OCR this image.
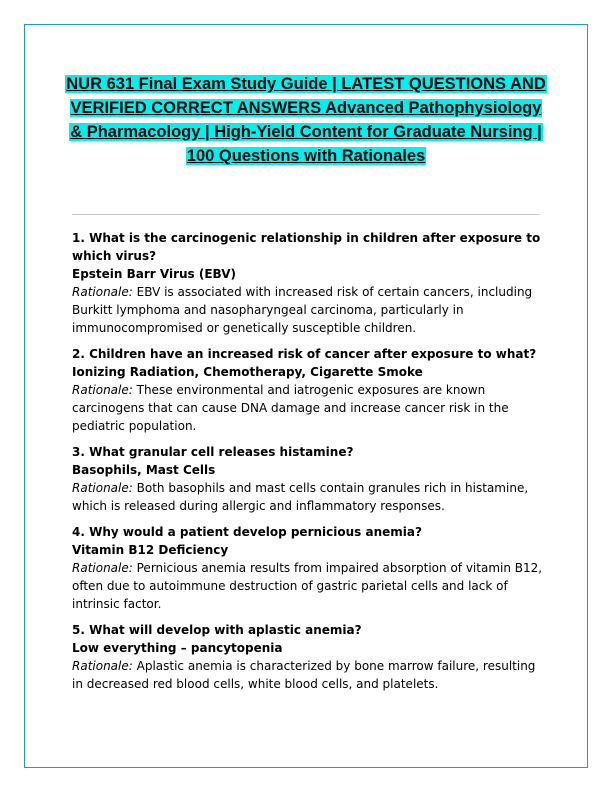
NUR 631 Final Exam Study Guide | LATEST QUESTIONS AND VERIFIED CORRECT ANSWERS Advanced Pathophysiology & Pharmacology | High-Yield Content for Graduate Nursing | 100 Questions with Rationales
1. What is the carcinogenic relationship in children after exposure to which virus?
Epstein Barr Virus (EBV)
Rationale: EBV is associated with increased risk of certain cancers, including Burkitt lymphoma and nasopharyngeal carcinoma, particularly in immunocompromised or genetically susceptible children.
2. Children have an increased risk of cancer after exposure to what?
Ionizing Radiation, Chemotherapy, Cigarette Smoke
Rationale: These environmental and iatrogenic exposures are known carcinogens that can cause DNA damage and increase cancer risk in the pediatric population.
3. What granular cell releases histamine?
Basophils, Mast Cells
Rationale: Both basophils and mast cells contain granules rich in histamine, which is released during allergic and inflammatory responses.
4. Why would a patient develop pernicious anemia?
Vitamin B12 Deficiency
Rationale: Pernicious anemia results from impaired absorption of vitamin B12, often due to autoimmune destruction of gastric parietal cells and lack of intrinsic factor.
5. What will develop with aplastic anemia?
Low everything – pancytopenia
Rationale: Aplastic anemia is characterized by bone marrow failure, resulting in decreased red blood cells, white blood cells, and platelets.
